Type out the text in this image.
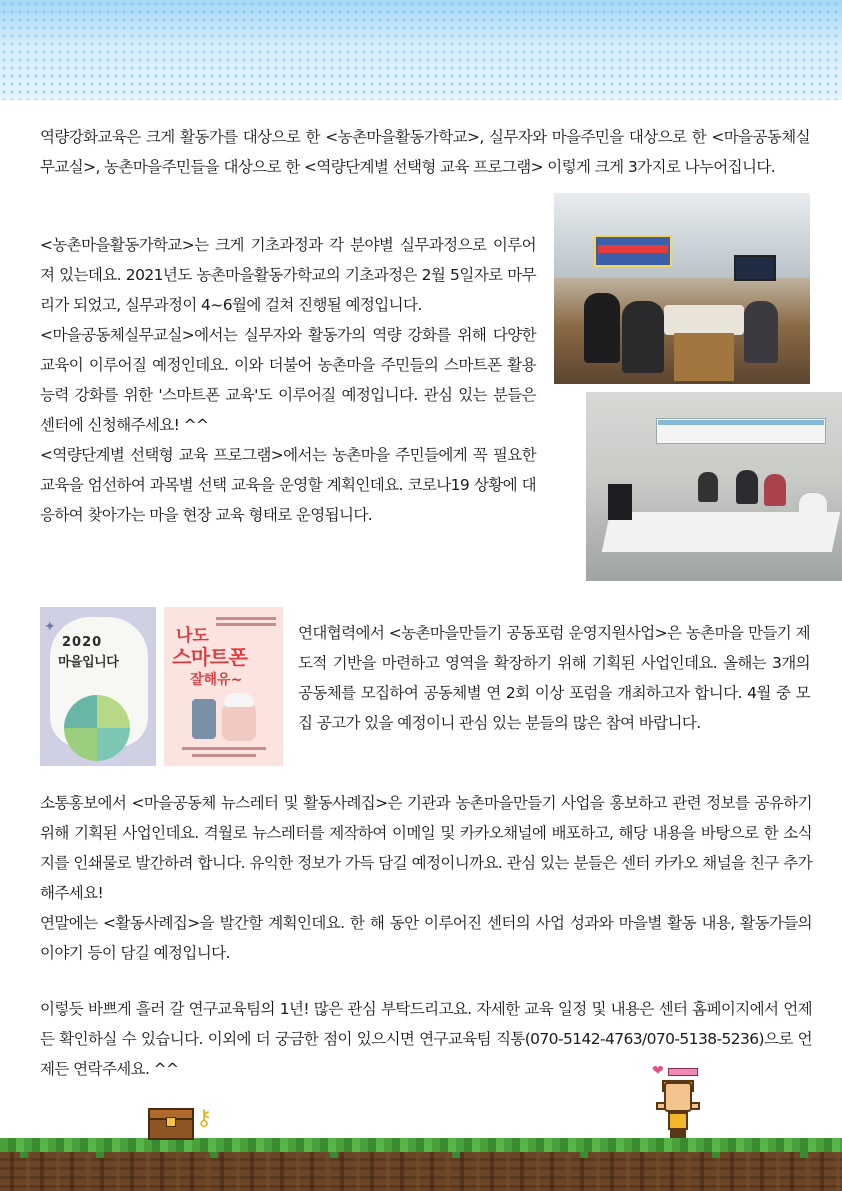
역량강화교육은 크게 활동가를 대상으로 한 <농촌마을활동가학교>, 실무자와 마을주민을 대상으로 한 <마을공동체실무교실>, 농촌마을주민들을 대상으로 한 <역량단계별 선택형 교육 프로그램> 이렇게 크게 3가지로 나누어집니다.

<농촌마을활동가학교>는 크게 기초과정과 각 분야별 실무과정으로 이루어져 있는데요. 2021년도 농촌마을활동가학교의 기초과정은 2월 5일자로 마무리가 되었고, 실무과정이 4~6월에 걸쳐 진행될 예정입니다.
<마을공동체실무교실>에서는 실무자와 활동가의 역량 강화를 위해 다양한 교육이 이루어질 예정인데요. 이와 더불어 농촌마을 주민들의 스마트폰 활용 능력 강화를 위한 '스마트폰 교육'도 이루어질 예정입니다. 관심 있는 분들은 센터에 신청해주세요! ^^
<역량단계별 선택형 교육 프로그램>에서는 농촌마을 주민들에게 꼭 필요한 교육을 엄선하여 과목별 선택 교육을 운영할 계획인데요. 코로나19 상황에 대응하여 찾아가는 마을 현장 교육 형태로 운영됩니다.

✦
2020
마을입니다
나도
스마트폰
잘해유~

연대협력에서 <농촌마을만들기 공동포럼 운영지원사업>은 농촌마을 만들기 제도적 기반을 마련하고 영역을 확장하기 위해 기획된 사업인데요. 올해는 3개의 공동체를 모집하여 공동체별 연 2회 이상 포럼을 개최하고자 합니다. 4월 중 모집 공고가 있을 예정이니 관심 있는 분들의 많은 참여 바랍니다.

소통홍보에서 <마을공동체 뉴스레터 및 활동사례집>은 기관과 농촌마을만들기 사업을 홍보하고 관련 정보를 공유하기 위해 기획된 사업인데요. 격월로 뉴스레터를 제작하여 이메일 및 카카오채널에 배포하고, 해당 내용을 바탕으로 한 소식지를 인쇄물로 발간하려 합니다. 유익한 정보가 가득 담길 예정이니까요. 관심 있는 분들은 센터 카카오 채널을 친구 추가해주세요!
연말에는 <활동사례집>을 발간할 계획인데요. 한 해 동안 이루어진 센터의 사업 성과와 마을별 활동 내용, 활동가들의 이야기 등이 담길 예정입니다.

이렇듯 바쁘게 흘러 갈 연구교육팀의 1년! 많은 관심 부탁드리고요. 자세한 교육 일정 및 내용은 센터 홈페이지에서 언제든 확인하실 수 있습니다. 이외에 더 궁금한 점이 있으시면 연구교육팀 직통(070-5142-4763/070-5138-5236)으로 언제든 연락주세요. ^^

⚷
❤
